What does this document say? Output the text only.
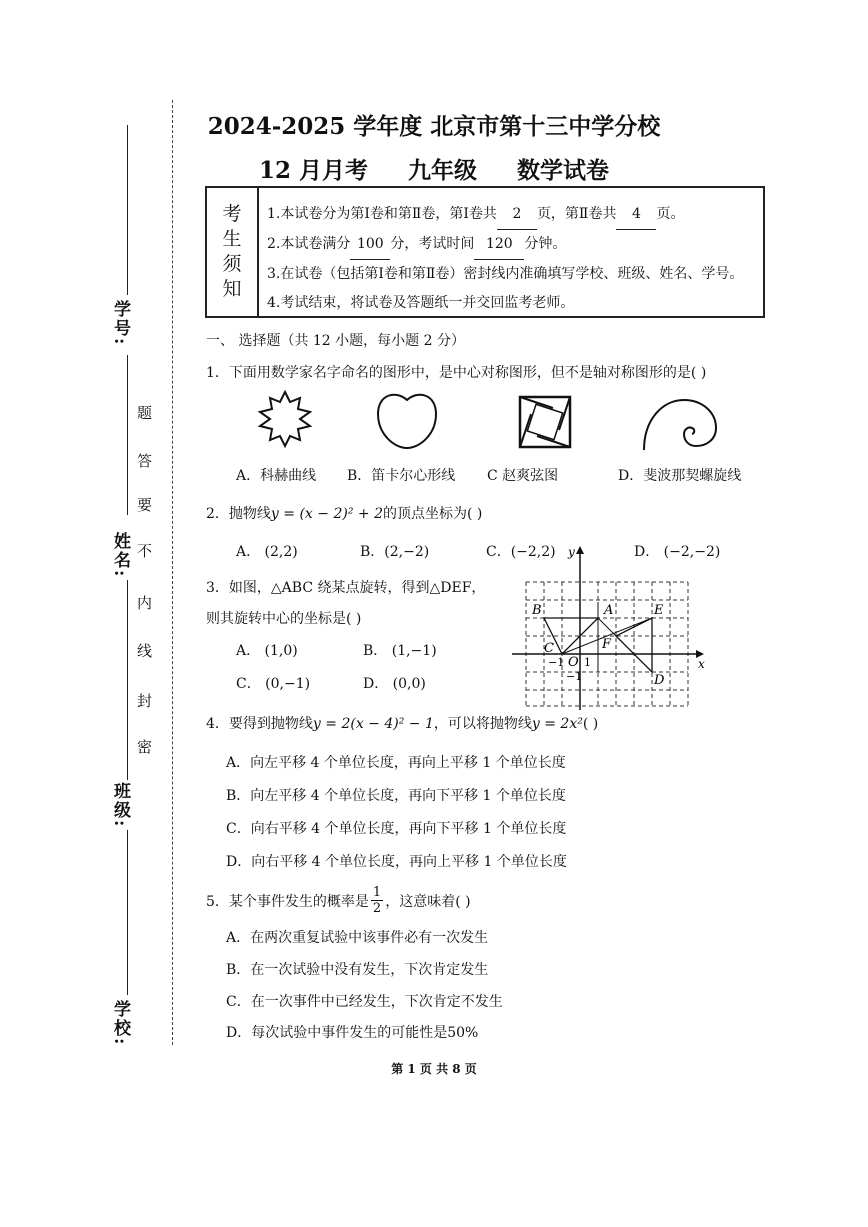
学号:
姓名:
班级:
学校:
题
答
要
不
内
线
封
密
2024-2025 学年度 北京市第十三中学分校
12 月月考 九年级 数学试卷
考
生
须
知
1.本试卷分为第Ⅰ卷和第Ⅱ卷，第Ⅰ卷共 2 页，第Ⅱ卷共 4 页。
2.本试卷满分 100 分，考试时间 120 分钟。
3.在试卷（包括第Ⅰ卷和第Ⅱ卷）密封线内准确填写学校、班级、姓名、学号。
4.考试结束，将试卷及答题纸一并交回监考老师。
一、 选择题（共 12 小题，每小题 2 分）
1．下面用数学家名字命名的图形中，是中心对称图形，但不是轴对称图形的是( )
A．科赫曲线 B．笛卡尔心形线 C 赵爽弦图	D．斐波那契螺旋线
2．抛物线y = (x − 2)² + 2的顶点坐标为( )
A． (2,2)	B．(2,−2)	C．(−2,2)	D． (−2,−2)
3．如图，△ABC 绕某点旋转，得到△DEF，
则其旋转中心的坐标是( )
A． (1,0)	B． (1,−1)
C． (0,−1)	D． (0,0)
B	A	E
C	F
D
O	x
y
−1
−1
1
4．要得到抛物线y = 2(x − 4)² − 1，可以将抛物线y = 2x²( )
A．向左平移 4 个单位长度，再向上平移 1 个单位长度
B．向左平移 4 个单位长度，再向下平移 1 个单位长度
C．向右平移 4 个单位长度，再向下平移 1 个单位长度
D．向右平移 4 个单位长度，再向上平移 1 个单位长度
5．某个事件发生的概率是 $\frac{1}{2}$ ，这意味着( )
A．在两次重复试验中该事件必有一次发生
B．在一次试验中没有发生，下次肯定发生
C．在一次事件中已经发生，下次肯定不发生
D．每次试验中事件发生的可能性是50%
第 1 页 共 8 页
